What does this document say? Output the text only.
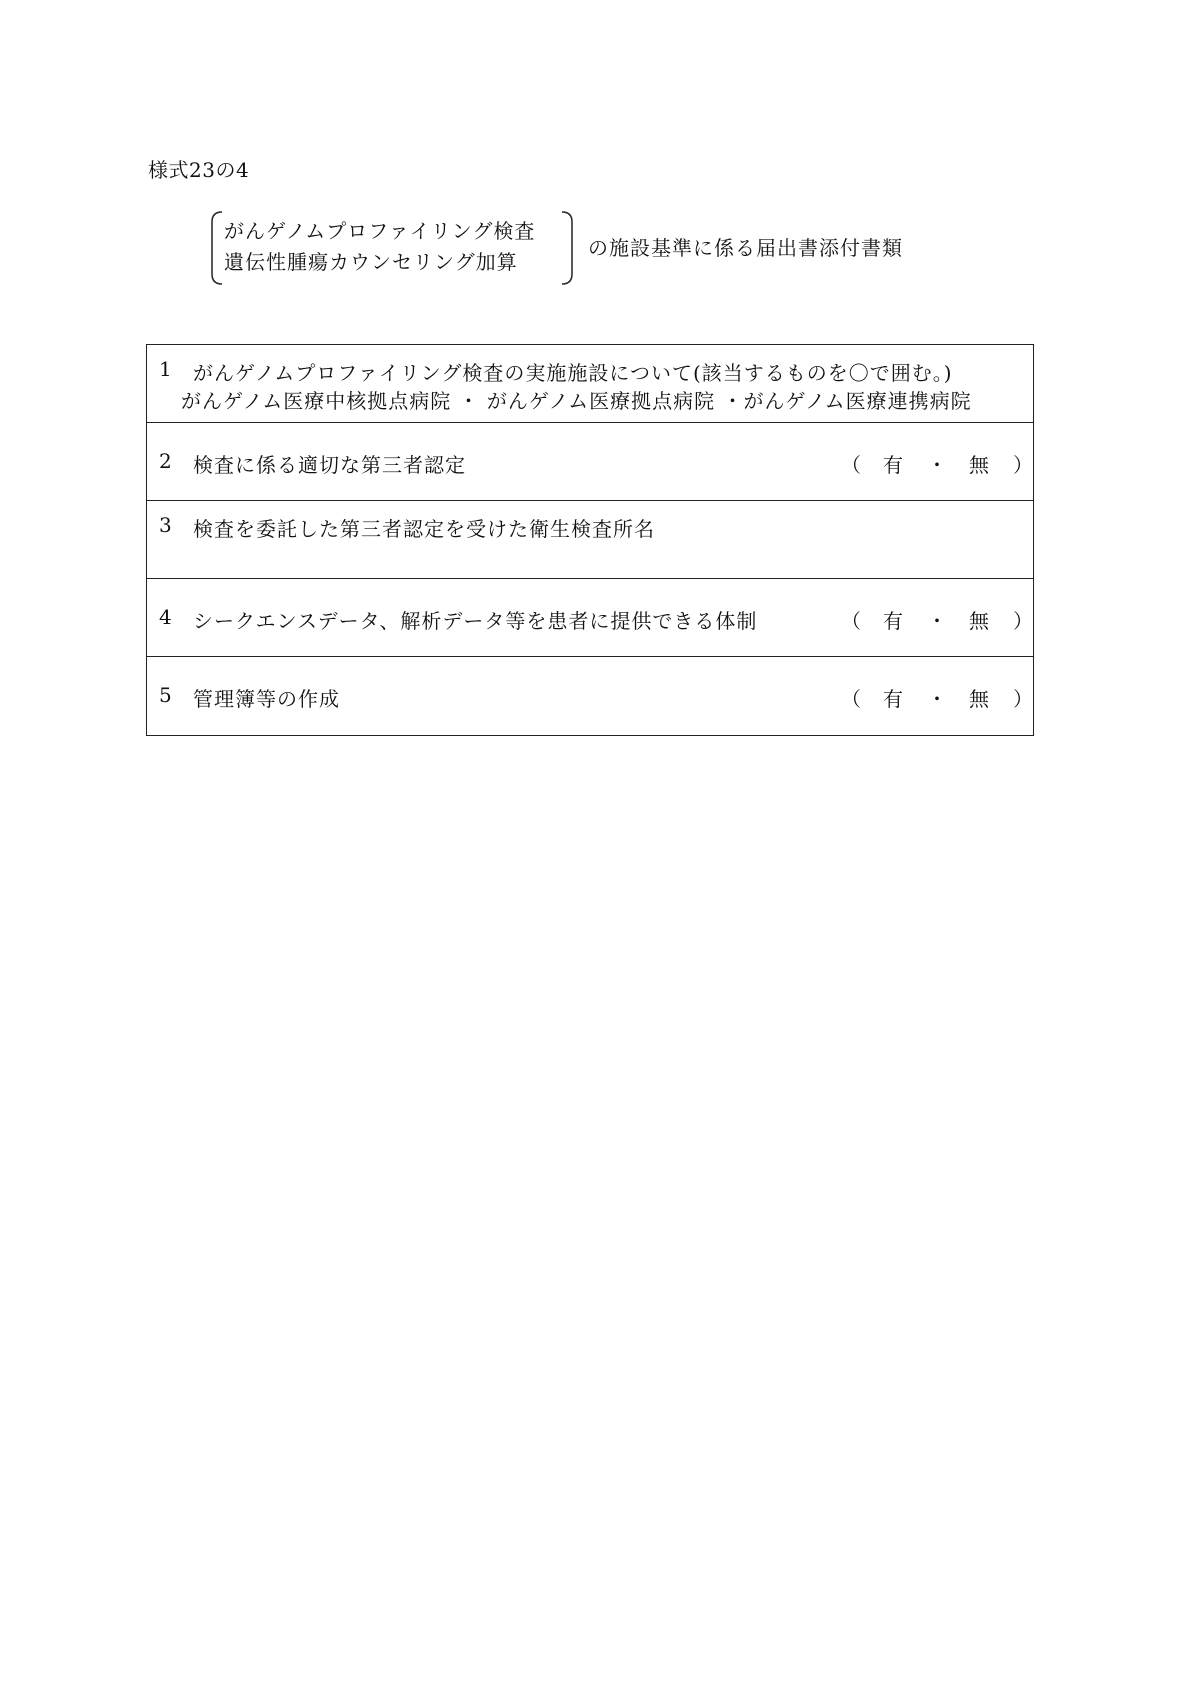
様式23の4
がんゲノムプロファイリング検査
遺伝性腫瘍カウンセリング加算
の施設基準に係る届出書添付書類
1 がんゲノムプロファイリング検査の実施施設について(該当するものを〇で囲む。)
がんゲノム医療中核拠点病院 ・ がんゲノム医療拠点病院 ・がんゲノム医療連携病院
2 検査に係る適切な第三者認定	（ 有 ・ 無 ）
3 検査を委託した第三者認定を受けた衛生検査所名
4 シークエンスデータ、解析データ等を患者に提供できる体制	（ 有 ・ 無 ）
5 管理簿等の作成	（ 有 ・ 無 ）
